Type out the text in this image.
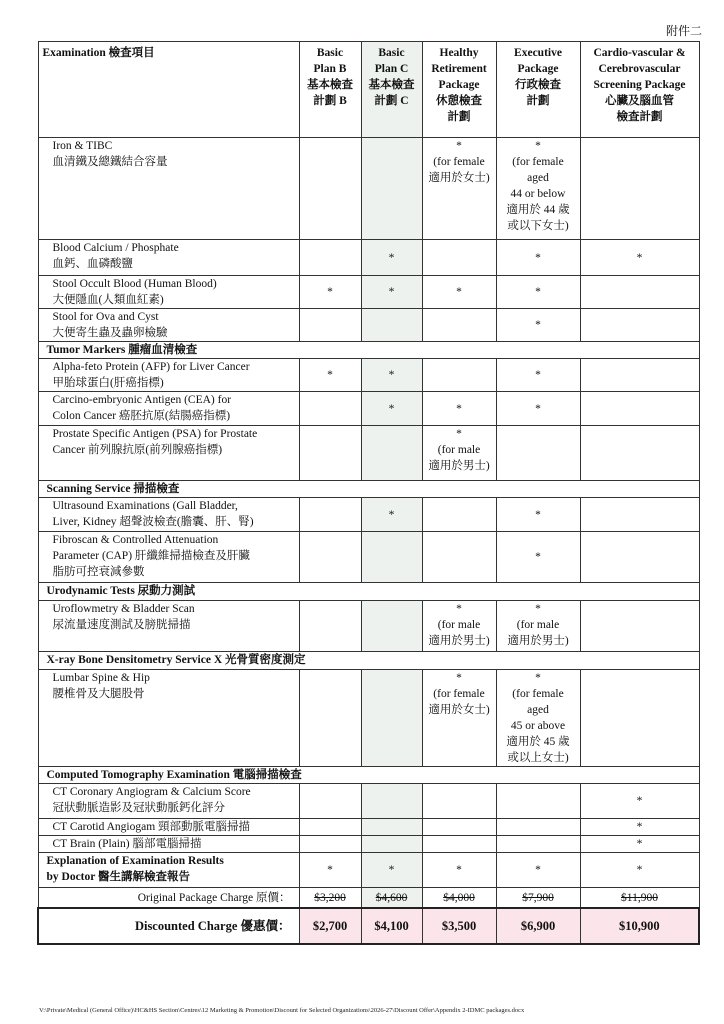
附件二
Examination 檢查項目	Basic
Plan B
基本檢查
計劃 B	Basic
Plan C
基本檢查
計劃 C	Healthy
Retirement
Package
休憩檢查
計劃	Executive
Package
行政檢查
計劃	Cardio-vascular &
Cerebrovascular
Screening Package
心臟及腦血管
檢查計劃

Iron & TIBC
血清鐵及總鐵結合容量			*
(for female
適用於女士)	*
(for female aged
44 or below
適用於 44 歲
或以下女士)	

Blood Calcium / Phosphate
血鈣、血磷酸鹽		*		*	*

Stool Occult Blood (Human Blood)
大便隱血(人類血紅素)	*	*	*	*	

Stool for Ova and Cyst
大便寄生蟲及蟲卵檢驗				*	

Tumor Markers 腫瘤血清檢查					

Alpha-feto Protein (AFP) for Liver Cancer
甲胎球蛋白(肝癌指標)	*	*		*	

Carcino-embryonic Antigen (CEA) for
Colon Cancer 癌胚抗原(結腸癌指標)		*	*	*	

Prostate Specific Antigen (PSA) for Prostate
Cancer 前列腺抗原(前列腺癌指標)			*
(for male
適用於男士)		

Scanning Service 掃描檢查					

Ultrasound Examinations (Gall Bladder,
Liver, Kidney 超聲波檢查(膽囊、肝、腎)		*		*	

Fibroscan & Controlled Attenuation
Parameter (CAP) 肝纖維掃描檢查及肝臟
脂肪可控衰減參數				*	

Urodynamic Tests 尿動力測試					

Uroflowmetry & Bladder Scan
尿流量速度測試及膀胱掃描			*
(for male
適用於男士)	*
(for male
適用於男士)	

X-ray Bone Densitometry Service X 光骨質密度測定					

Lumbar Spine & Hip
腰椎骨及大腿股骨			*
(for female
適用於女士)	*
(for female aged
45 or above
適用於 45 歲
或以上女士)	

Computed Tomography Examination 電腦掃描檢查					

CT Coronary Angiogram & Calcium Score
冠狀動脈造影及冠狀動脈鈣化評分					*

CT Carotid Angiogam 頸部動脈電腦掃描					*

CT Brain (Plain) 腦部電腦掃描					*

Explanation of Examination Results
by Doctor 醫生講解檢查報告	*	*	*	*	*

Original Package Charge 原價：	$3,200	$4,600	$4,000	$7,900	$11,900
Discounted Charge 優惠價：	$2,700	$4,100	$3,500	$6,900	$10,900
V:\Private\Medical (General Office)\HC&HS Section\Centres\12 Marketing & Promotion\Discount for Selected Organizations\2026-27\Discount Offer\Appendix 2-IDMC packages.docx
